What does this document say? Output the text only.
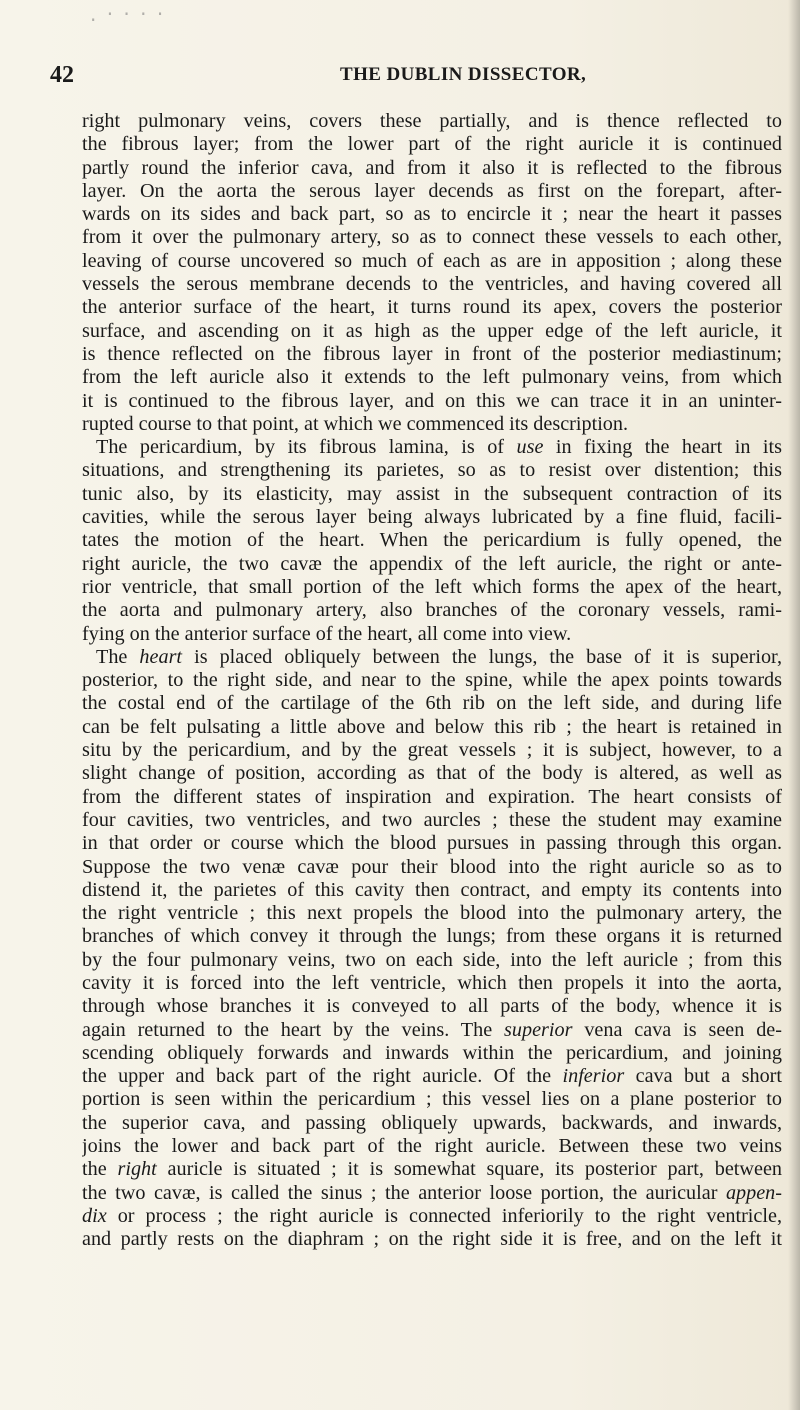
. · · · ·
42	THE DUBLIN DISSECTOR,
right pulmonary veins, covers these partially, and is thence reflected to
the fibrous layer; from the lower part of the right auricle it is continued
partly round the inferior cava, and from it also it is reflected to the fibrous
layer. On the aorta the serous layer decends as first on the forepart, after-
wards on its sides and back part, so as to encircle it ; near the heart it passes
from it over the pulmonary artery, so as to connect these vessels to each other,
leaving of course uncovered so much of each as are in apposition ; along these
vessels the serous membrane decends to the ventricles, and having covered all
the anterior surface of the heart, it turns round its apex, covers the posterior
surface, and ascending on it as high as the upper edge of the left auricle, it
is thence reflected on the fibrous layer in front of the posterior mediastinum;
from the left auricle also it extends to the left pulmonary veins, from which
it is continued to the fibrous layer, and on this we can trace it in an uninter-
rupted course to that point, at which we commenced its description.
The pericardium, by its fibrous lamina, is of use in fixing the heart in its
situations, and strengthening its parietes, so as to resist over distention; this
tunic also, by its elasticity, may assist in the subsequent contraction of its
cavities, while the serous layer being always lubricated by a fine fluid, facili-
tates the motion of the heart. When the pericardium is fully opened, the
right auricle, the two cavæ the appendix of the left auricle, the right or ante-
rior ventricle, that small portion of the left which forms the apex of the heart,
the aorta and pulmonary artery, also branches of the coronary vessels, rami-
fying on the anterior surface of the heart, all come into view.
The heart is placed obliquely between the lungs, the base of it is superior,
posterior, to the right side, and near to the spine, while the apex points towards
the costal end of the cartilage of the 6th rib on the left side, and during life
can be felt pulsating a little above and below this rib ; the heart is retained in
situ by the pericardium, and by the great vessels ; it is subject, however, to a
slight change of position, according as that of the body is altered, as well as
from the different states of inspiration and expiration. The heart consists of
four cavities, two ventricles, and two aurcles ; these the student may examine
in that order or course which the blood pursues in passing through this organ.
Suppose the two venæ cavæ pour their blood into the right auricle so as to
distend it, the parietes of this cavity then contract, and empty its contents into
the right ventricle ; this next propels the blood into the pulmonary artery, the
branches of which convey it through the lungs; from these organs it is returned
by the four pulmonary veins, two on each side, into the left auricle ; from this
cavity it is forced into the left ventricle, which then propels it into the aorta,
through whose branches it is conveyed to all parts of the body, whence it is
again returned to the heart by the veins. The superior vena cava is seen de-
scending obliquely forwards and inwards within the pericardium, and joining
the upper and back part of the right auricle. Of the inferior cava but a short
portion is seen within the pericardium ; this vessel lies on a plane posterior to
the superior cava, and passing obliquely upwards, backwards, and inwards,
joins the lower and back part of the right auricle. Between these two veins
the right auricle is situated ; it is somewhat square, its posterior part, between
the two cavæ, is called the sinus ; the anterior loose portion, the auricular appen-
dix or process ; the right auricle is connected inferiorily to the right ventricle,
and partly rests on the diaphram ; on the right side it is free, and on the left it
